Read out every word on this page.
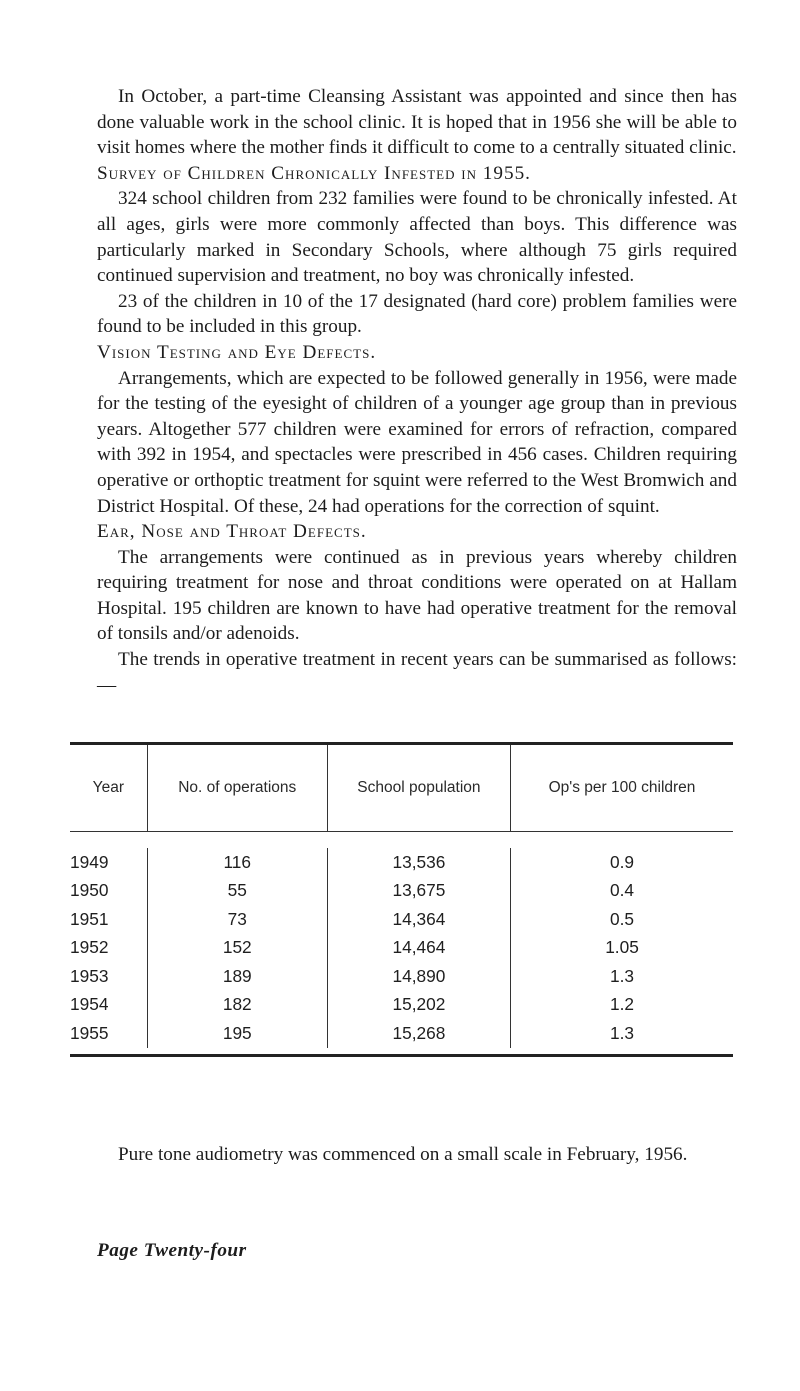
In October, a part-time Cleansing Assistant was appointed and since then has done valuable work in the school clinic. It is hoped that in 1956 she will be able to visit homes where the mother finds it difficult to come to a centrally situated clinic.

Survey of Children Chronically Infested in 1955.

324 school children from 232 families were found to be chronically infested. At all ages, girls were more commonly affected than boys. This difference was particularly marked in Secondary Schools, where although 75 girls required continued supervision and treatment, no boy was chronically infested.

23 of the children in 10 of the 17 designated (hard core) problem families were found to be included in this group.

Vision Testing and Eye Defects.

Arrangements, which are expected to be followed generally in 1956, were made for the testing of the eyesight of children of a younger age group than in previous years. Altogether 577 children were examined for errors of refraction, compared with 392 in 1954, and spectacles were prescribed in 456 cases. Children requiring operative or orthoptic treatment for squint were referred to the West Bromwich and District Hospital. Of these, 24 had operations for the correction of squint.

Ear, Nose and Throat Defects.

The arrangements were continued as in previous years whereby children requiring treatment for nose and throat conditions were operated on at Hallam Hospital. 195 children are known to have had operative treatment for the removal of tonsils and/or adenoids.

The trends in operative treatment in recent years can be summarised as follows: —

Year	No. of operations	School population	Op's per 100 children
1949	116	13,536	0.9
1950	55	13,675	0.4
1951	73	14,364	0.5
1952	152	14,464	1.05
1953	189	14,890	1.3
1954	182	15,202	1.2
1955	195	15,268	1.3

Pure tone audiometry was commenced on a small scale in February, 1956.

Page Twenty-four
